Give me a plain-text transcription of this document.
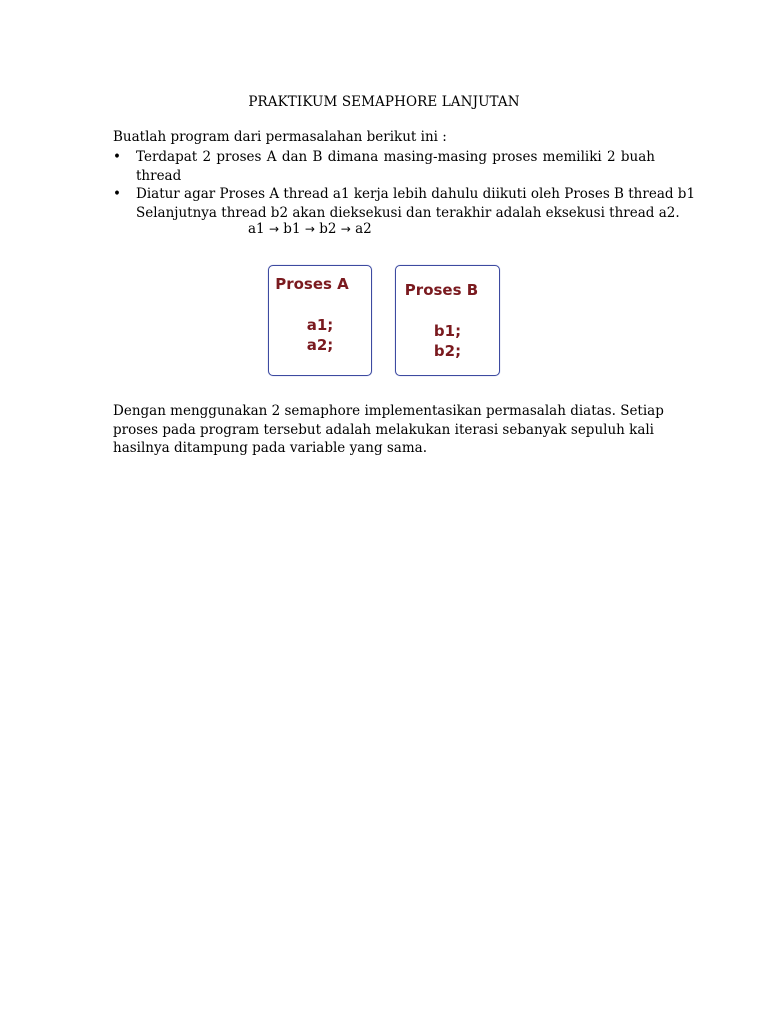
PRAKTIKUM SEMAPHORE LANJUTAN
Buatlah program dari permasalahan berikut ini :
• Terdapat 2 proses A dan B dimana masing-masing proses memiliki 2 buah
thread
• Diatur agar Proses A thread a1 kerja lebih dahulu diikuti oleh Proses B thread b1
Selanjutnya thread b2 akan dieksekusi dan terakhir adalah eksekusi thread a2.
a1 → b1 → b2 → a2
Proses A
a1;
a2;
Proses B
b1;
b2;
Dengan menggunakan 2 semaphore implementasikan permasalah diatas. Setiap
proses pada program tersebut adalah melakukan iterasi sebanyak sepuluh kali
hasilnya ditampung pada variable yang sama.
